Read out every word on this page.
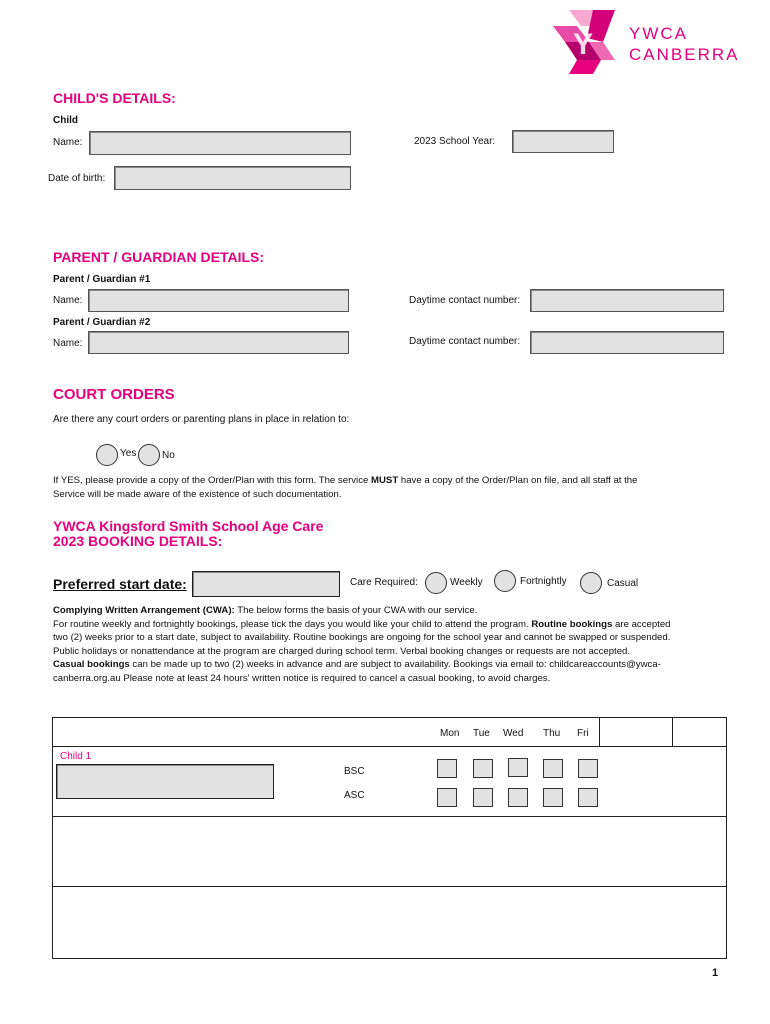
Y YWCA
CANBERRA
CHILD'S DETAILS:
Child
Name:	2023 School Year:
Date of birth:
PARENT / GUARDIAN DETAILS:
Parent / Guardian #1
Name:	Daytime contact number:
Parent / Guardian #2
Name:	Daytime contact number:
COURT ORDERS
Are there any court orders or parenting plans in place in relation to:
Yes	No
If YES, please provide a copy of the Order/Plan with this form. The service MUST have a copy of the Order/Plan on file, and all staff at the
Service will be made aware of the existence of such documentation.
YWCA Kingsford Smith School Age Care
2023 BOOKING DETAILS:
Preferred start date:	Care Required:	Weekly	Fortnightly	Casual
Complying Written Arrangement (CWA): The below forms the basis of your CWA with our service.
For routine weekly and fortnightly bookings, please tick the days you would like your child to attend the program. Routine bookings are accepted
two (2) weeks prior to a start date, subject to availability. Routine bookings are ongoing for the school year and cannot be swapped or suspended.
Public holidays or nonattendance at the program are charged during school term. Verbal booking changes or requests are not accepted.
Casual bookings can be made up to two (2) weeks in advance and are subject to availability. Bookings via email to: childcareaccounts@ywca-
canberra.org.au Please note at least 24 hours' written notice is required to cancel a casual booking, to avoid charges.
Mon Tue Wed Thu Fri
Child 1
BSC
ASC
1
